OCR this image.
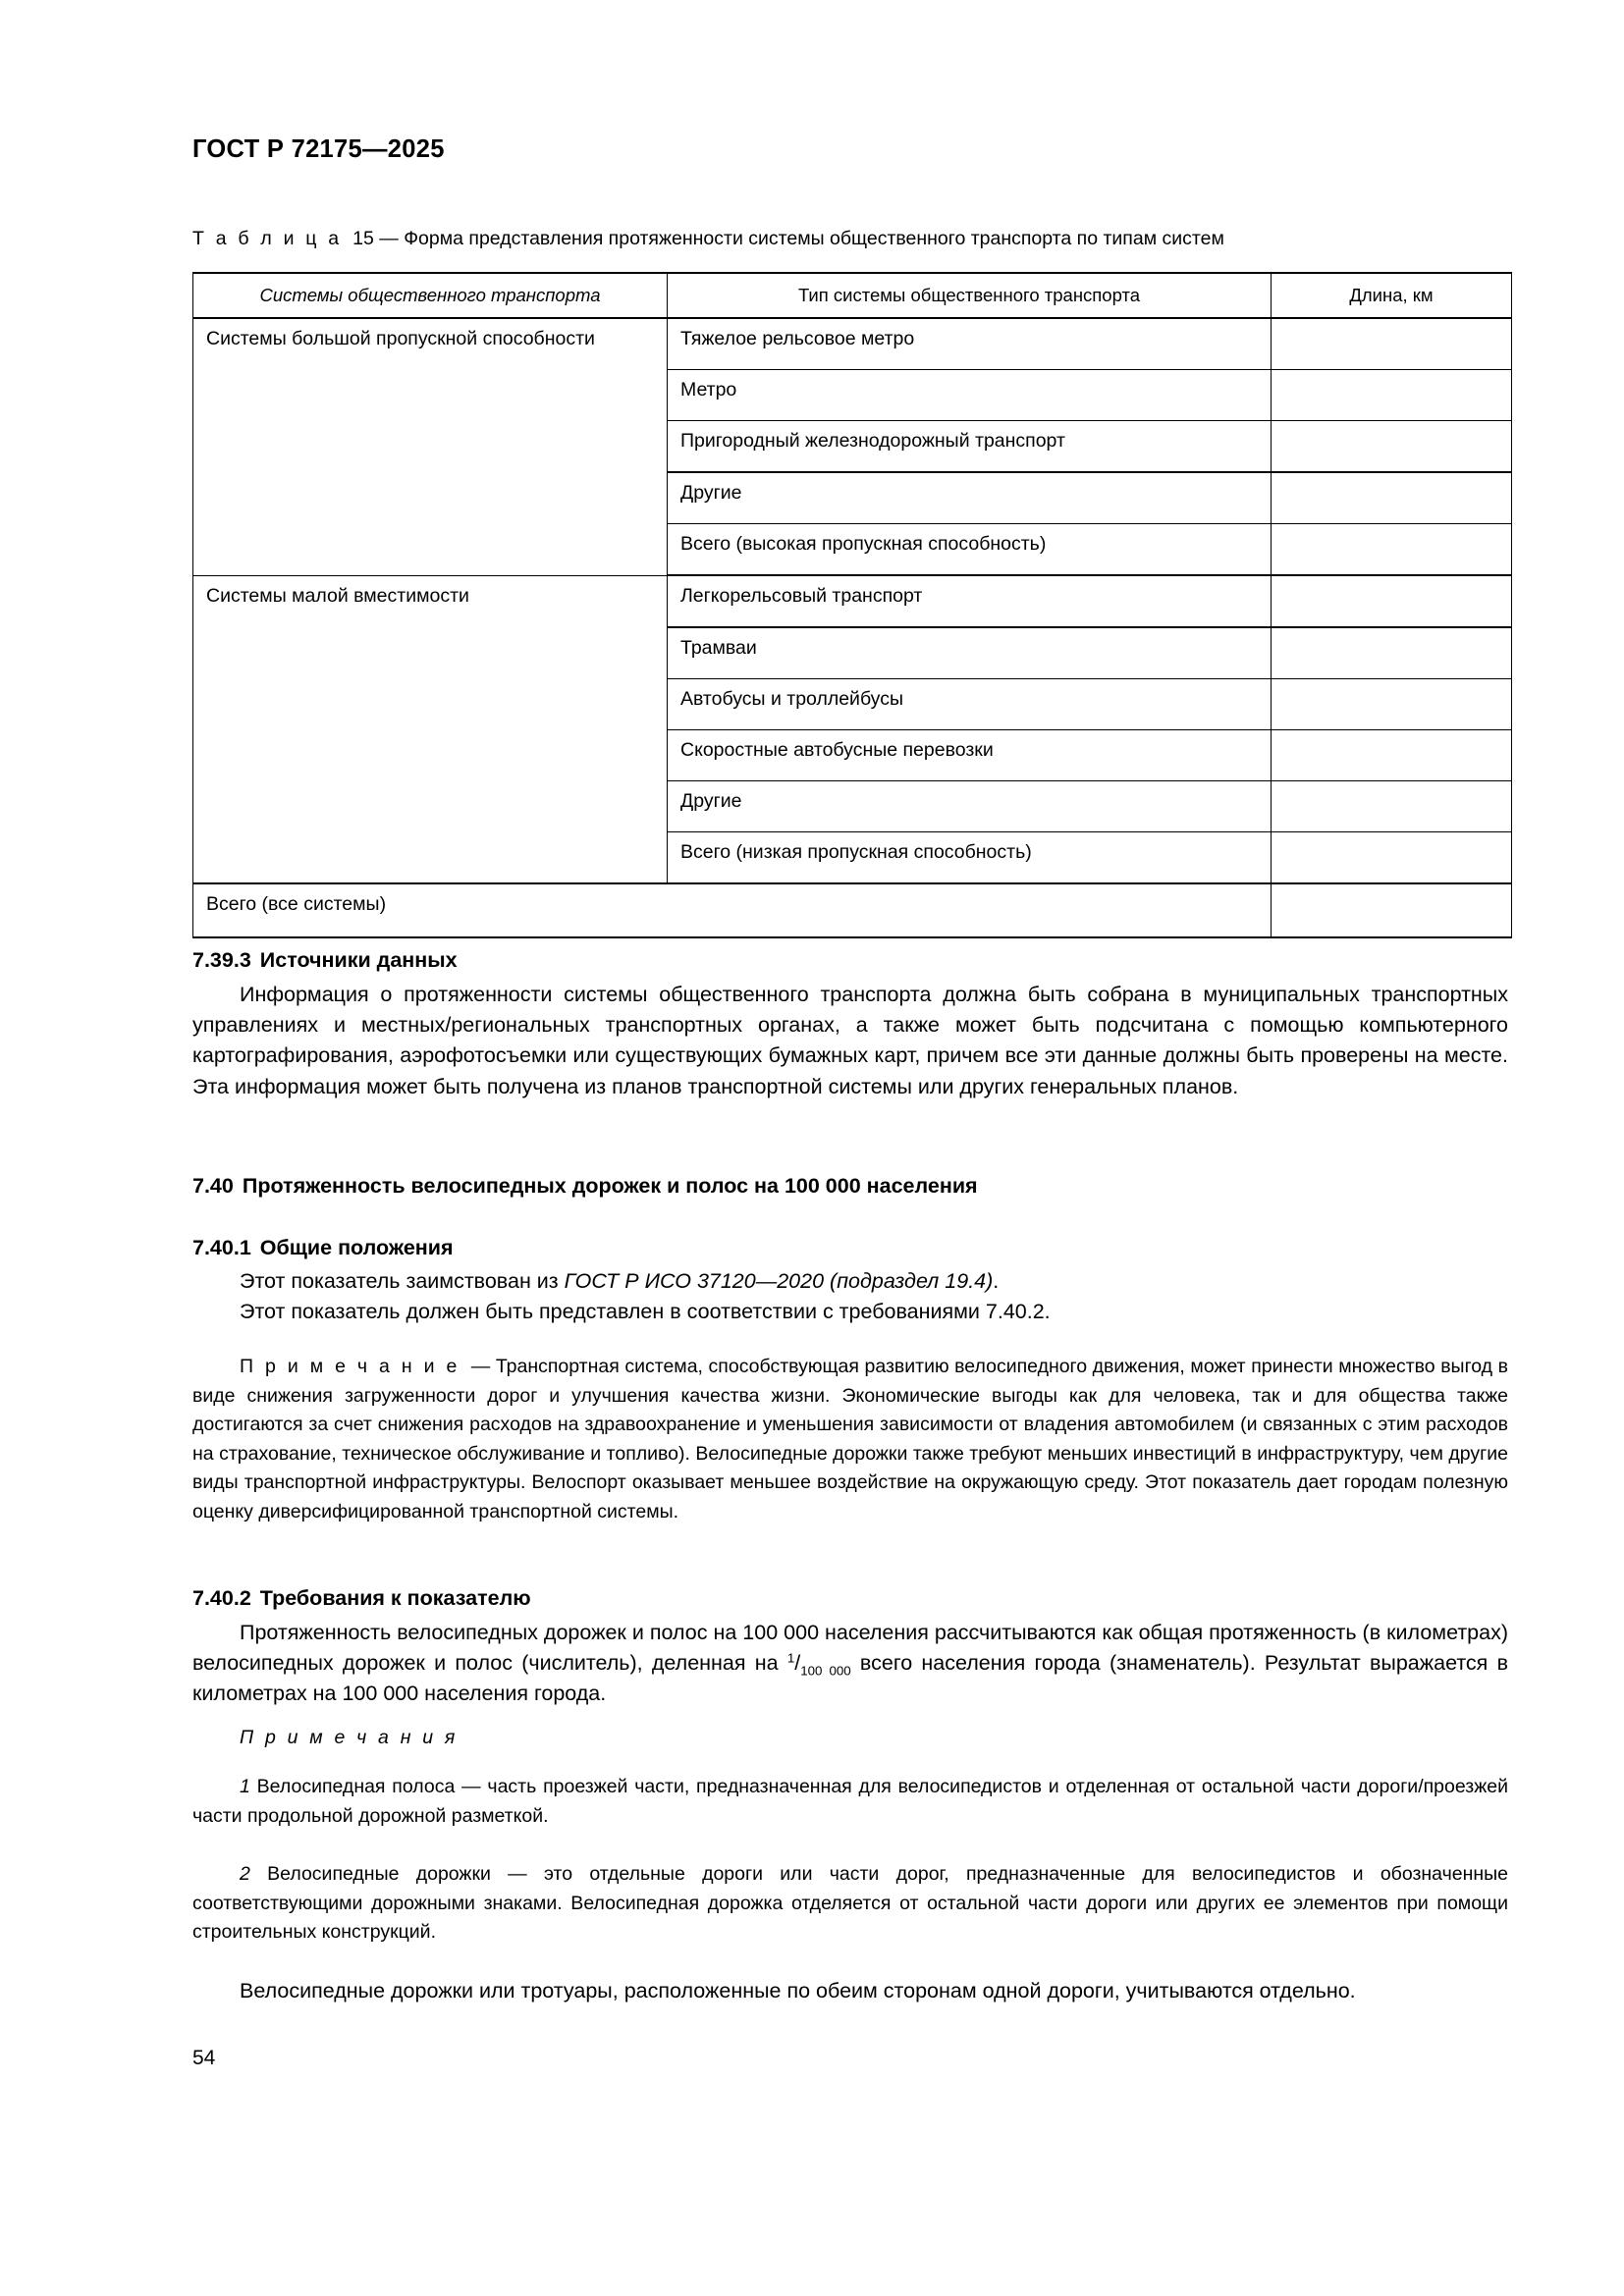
ГОСТ Р 72175—2025
Т а б л и ц а 15 — Форма представления протяженности системы общественного транспорта по типам систем
Системы общественного транспорта	Тип системы общественного транспорта	Длина, км
Системы большой пропускной способности	Тяжелое рельсовое метро	
	Метро	
	Пригородный железнодорожный транспорт	
	Другие	
	Всего (высокая пропускная способность)	
Системы малой вместимости	Легкорельсовый транспорт	
	Трамваи	
	Автобусы и троллейбусы	
	Скоростные автобусные перевозки	
	Другие	
	Всего (низкая пропускная способность)	
Всего (все системы)		
7.39.3 Источники данных

Информация о протяженности системы общественного транспорта должна быть собрана в муниципальных транспортных управлениях и местных/региональных транспортных органах, а также может быть подсчитана с помощью компьютерного картографирования, аэрофотосъемки или существующих бумажных карт, причем все эти данные должны быть проверены на месте. Эта информация может быть получена из планов транспортной системы или других генеральных планов.

7.40 Протяженность велосипедных дорожек и полос на 100 000 населения
7.40.1 Общие положения

Этот показатель заимствован из ГОСТ Р ИСО 37120—2020 (подраздел 19.4).

Этот показатель должен быть представлен в соответствии с требованиями 7.40.2.

П р и м е ч а н и е — Транспортная система, способствующая развитию велосипедного движения, может принести множество выгод в виде снижения загруженности дорог и улучшения качества жизни. Экономические выгоды как для человека, так и для общества также достигаются за счет снижения расходов на здравоохранение и уменьшения зависимости от владения автомобилем (и связанных с этим расходов на страхование, техническое обслуживание и топливо). Велосипедные дорожки также требуют меньших инвестиций в инфраструктуру, чем другие виды транспортной инфраструктуры. Велоспорт оказывает меньшее воздействие на окружающую среду. Этот показатель дает городам полезную оценку диверсифицированной транспортной системы.

7.40.2 Требования к показателю

Протяженность велосипедных дорожек и полос на 100 000 населения рассчитываются как общая протяженность (в километрах) велосипедных дорожек и полос (числитель), деленная на $^1/_{100 000}$ всего населения города (знаменатель). Результат выражается в километрах на 100 000 населения города.

П р и м е ч а н и я

1 Велосипедная полоса — часть проезжей части, предназначенная для велосипедистов и отделенная от остальной части дороги/проезжей части продольной дорожной разметкой.

2 Велосипедные дорожки — это отдельные дороги или части дорог, предназначенные для велосипедистов и обозначенные соответствующими дорожными знаками. Велосипедная дорожка отделяется от остальной части дороги или других ее элементов при помощи строительных конструкций.

Велосипедные дорожки или тротуары, расположенные по обеим сторонам одной дороги, учитываются отдельно.

54
